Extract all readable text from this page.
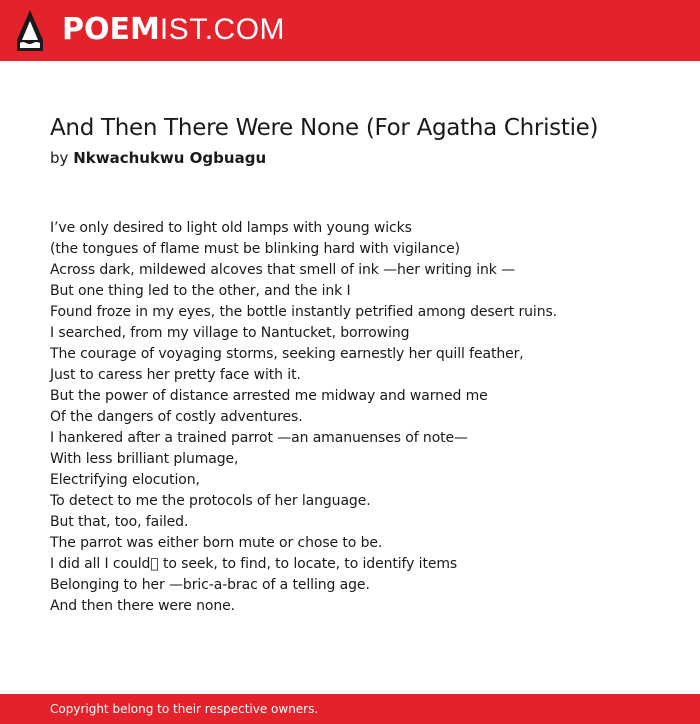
POEMIST.COM
And Then There Were None (For Agatha Christie)
by Nkwachukwu Ogbuagu
I’ve only desired to light old lamps with young wicks
(the tongues of flame must be blinking hard with vigilance)
Across dark, mildewed alcoves that smell of ink —her writing ink —
But one thing led to the other, and the ink I
Found froze in my eyes, the bottle instantly petrified among desert ruins.
I searched, from my village to Nantucket, borrowing
The courage of voyaging storms, seeking earnestly her quill feather,
Just to caress her pretty face with it.
But the power of distance arrested me midway and warned me
Of the dangers of costly adventures.
I hankered after a trained parrot —an amanuenses of note—
With less brilliant plumage,
Electrifying elocution,
To detect to me the protocols of her language.
But that, too, failed.
The parrot was either born mute or chose to be.
I did all I could  to seek, to find, to locate, to identify items
Belonging to her —bric-a-brac of a telling age.
And then there were none.
Copyright belong to their respective owners.
